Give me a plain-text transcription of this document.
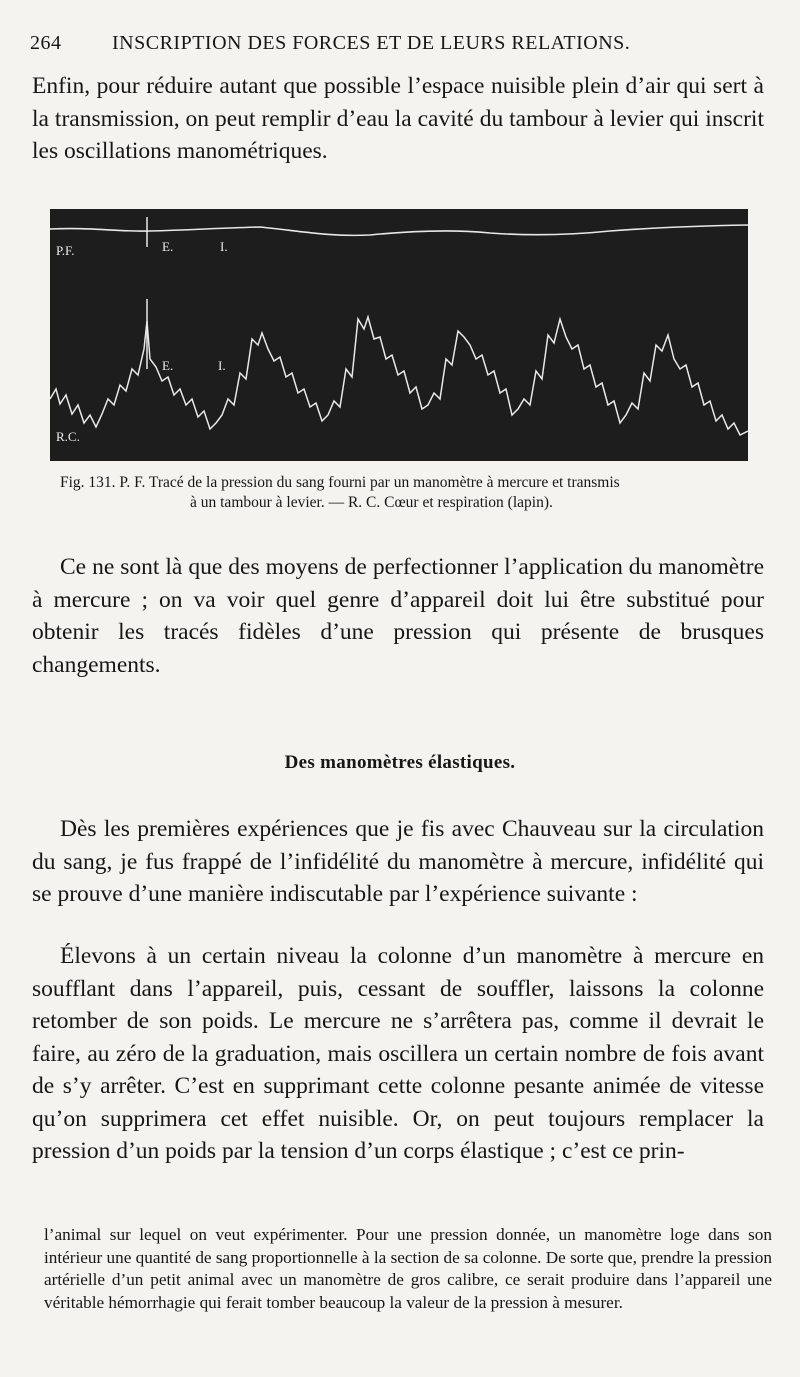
264	INSCRIPTION DES FORCES ET DE LEURS RELATIONS.

Enfin, pour réduire autant que possible l’espace nuisible plein d’air qui sert à la transmission, on peut remplir d’eau la cavité du tambour à levier qui inscrit les oscillations manométriques.

P.F.	E.	I.
E.	I.
R.C.
Fig. 131. P. F. Tracé de la pression du sang fourni par un manomètre à mercure et transmis
à un tambour à levier. — R. C. Cœur et respiration (lapin).

Ce ne sont là que des moyens de perfectionner l’application du manomètre à mercure ; on va voir quel genre d’appareil doit lui être substitué pour obtenir les tracés fidèles d’une pression qui présente de brusques changements.

Des manomètres élastiques.

Dès les premières expériences que je fis avec Chauveau sur la circulation du sang, je fus frappé de l’infidélité du manomètre à mercure, infidélité qui se prouve d’une manière indiscutable par l’expérience suivante :

Élevons à un certain niveau la colonne d’un manomètre à mercure en soufflant dans l’appareil, puis, cessant de souffler, laissons la colonne retomber de son poids. Le mercure ne s’arrêtera pas, comme il devrait le faire, au zéro de la graduation, mais oscillera un certain nombre de fois avant de s’y arrêter. C’est en supprimant cette colonne pesante animée de vitesse qu’on supprimera cet effet nuisible. Or, on peut toujours remplacer la pression d’un poids par la tension d’un corps élastique ; c’est ce prin-

l’animal sur lequel on veut expérimenter. Pour une pression donnée, un manomètre loge dans son intérieur une quantité de sang proportionnelle à la section de sa colonne. De sorte que, prendre la pression artérielle d’un petit animal avec un manomètre de gros calibre, ce serait produire dans l’appareil une véritable hémorrhagie qui ferait tomber beaucoup la valeur de la pression à mesurer.
